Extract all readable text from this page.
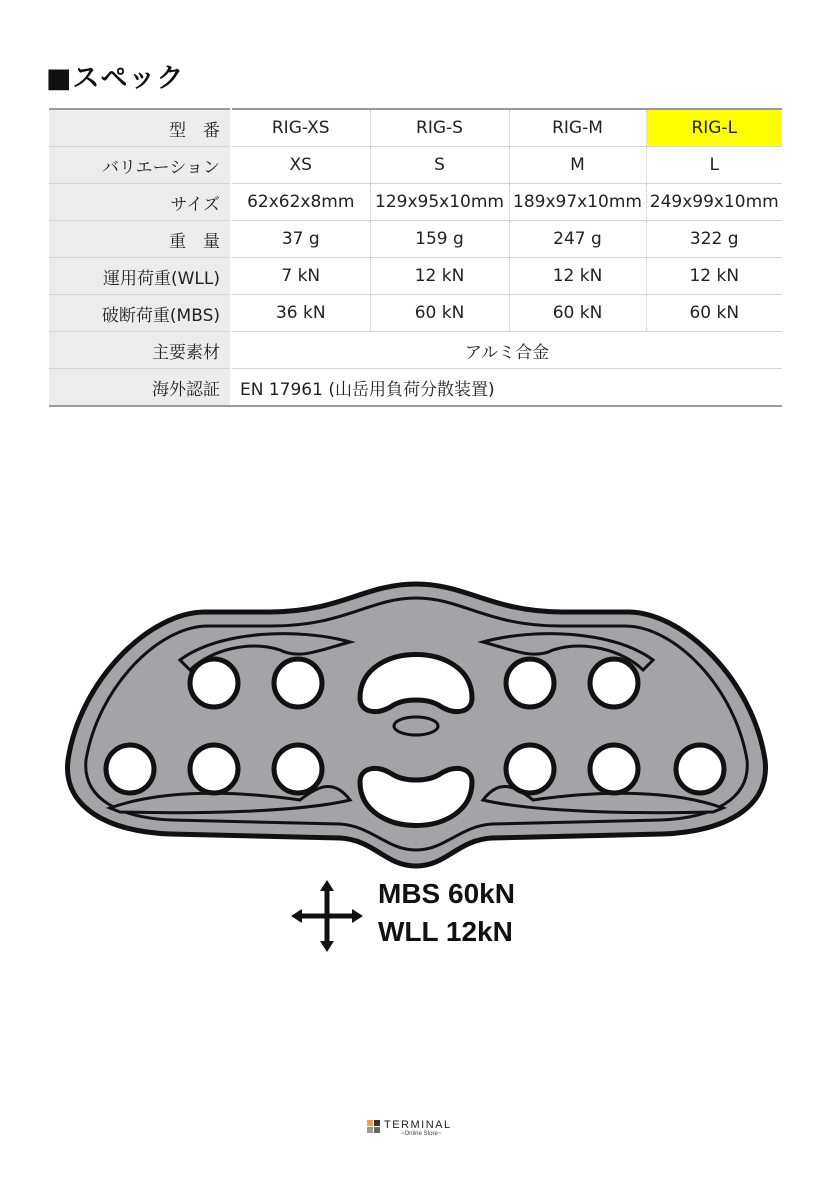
■スペック
型　番	RIG-XS	RIG-S	RIG-M	RIG-L
バリエーション	XS	S	M	L
サイズ	62x62x8mm	129x95x10mm	189x97x10mm	249x99x10mm
重　量	37 g	159 g	247 g	322 g
運用荷重(WLL)	7 kN	12 kN	12 kN	12 kN
破断荷重(MBS)	36 kN	60 kN	60 kN	60 kN
主要素材	アルミ合金			
海外認証	EN 17961 (山岳用負荷分散装置)			
MBS 60kN
WLL 12kN
TERMINAL
~Online Store~
